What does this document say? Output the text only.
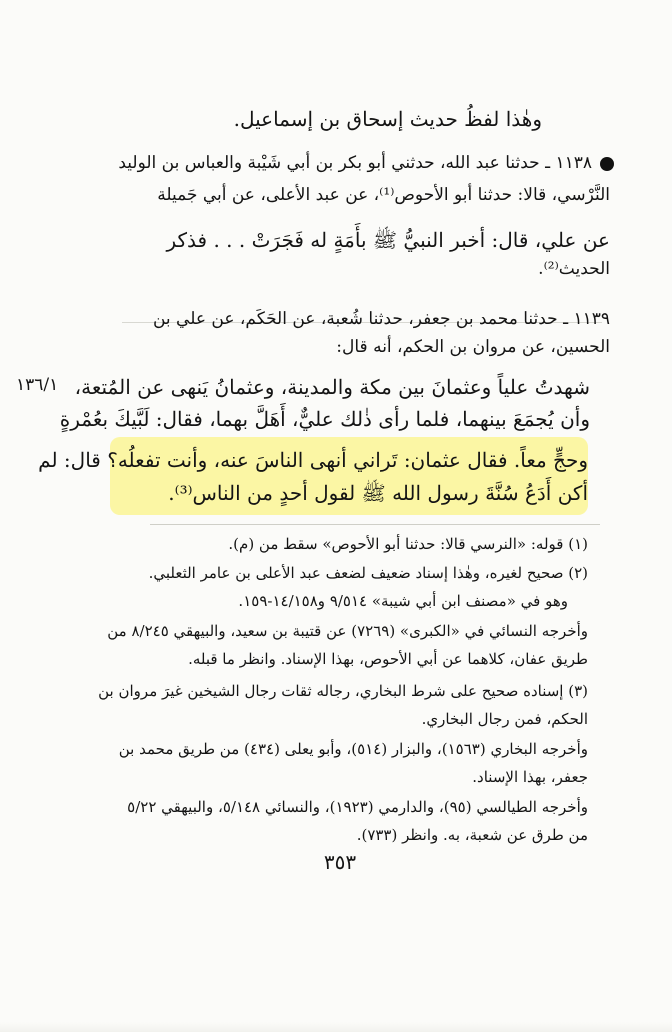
وهٰذا لفظُ حديث إسحاق بن إسماعيل.

١١٣٨ ـ حدثنا عبد الله، حدثني أبو بكر بن أبي شَيْبة والعباس بن الوليد

النَّرْسي، قالا: حدثنا أبو الأحوص⁽¹⁾، عن عبد الأعلى، عن أبي جَميلة

عن علي، قال: أخبر النبيُّ ﷺ بأَمَةٍ له فَجَرَتْ . . . فذكر

الحديث⁽²⁾.

١١٣٩ ـ حدثنا محمد بن جعفر، حدثنا شُعبة، عن الحَكَم، عن علي بن

الحسين، عن مروان بن الحكم، أنه قال:

١٣٦/١ شهدتُ علياً وعثمانَ بين مكة والمدينة، وعثمانُ يَنهى عن المُتعة،

وأن يُجمَعَ بينهما، فلما رأى ذٰلك عليٌّ، أَهَلَّ بهما، فقال: لَبَّيكَ بعُمْرةٍ

وحجٍّ معاً. فقال عثمان: تَراني أنهى الناسَ عنه، وأنت تفعلُه؟ قال: لم

أكن أَدَعُ سُنَّةَ رسول الله ﷺ لقول أحدٍ من الناس⁽³⁾.

(١) قوله: «النرسي قالا: حدثنا أبو الأحوص» سقط من (م).

(٢) صحيح لغيره، وهٰذا إسناد ضعيف لضعف عبد الأعلى بن عامر الثعلبي.

وهو في «مصنف ابن أبي شيبة» ٩/٥١٤ و١٤/١٥٨-١٥٩.

وأخرجه النسائي في «الكبرى» (٧٢٦٩) عن قتيبة بن سعيد، والبيهقي ٨/٢٤٥ من

طريق عفان، كلاهما عن أبي الأحوص، بهذا الإسناد. وانظر ما قبله.

(٣) إسناده صحيح على شرط البخاري، رجاله ثقات رجال الشيخين غيرَ مروان بن

الحكم، فمن رجال البخاري.

وأخرجه البخاري (١٥٦٣)، والبزار (٥١٤)، وأبو يعلى (٤٣٤) من طريق محمد بن

جعفر، بهذا الإسناد.

وأخرجه الطيالسي (٩٥)، والدارمي (١٩٢٣)، والنسائي ٥/١٤٨، والبيهقي ٥/٢٢

من طرق عن شعبة، به. وانظر (٧٣٣).

٣٥٣
